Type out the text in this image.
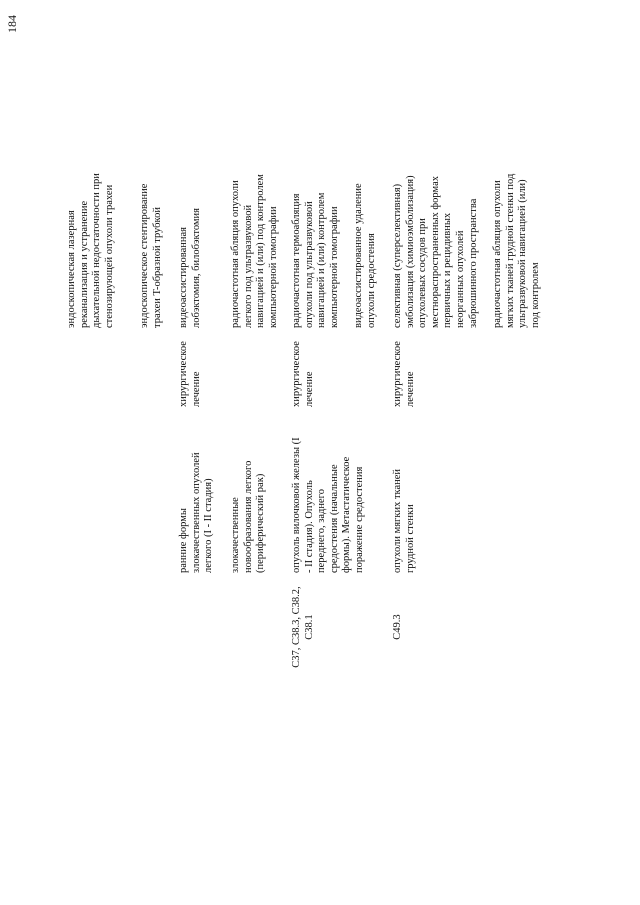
184
эндоскопическая лазерная
реканализация и устранение
дыхательной недостаточности при
стенозирующей опухоли трахеи
эндоскопическое стентирование
трахеи T-образной трубкой
ранние формы
злокачественных опухолей
легкого (I - II стадия)
хирургическое
лечение
видеоассистированная
лобэктомия, билобэктомия
злокачественные
новообразования легкого
(периферический рак)
радиочастотная абляция опухоли
легкого под ультразвуковой
навигацией и (или) под контролем
компьютерной томографии
C37, C38.3, C38.2,
C38.1
опухоль вилочковой железы (I
- II стадия). Опухоль
переднего, заднего
средостения (начальные
формы). Метастатическое
поражение средостения
хирургическое
лечение
радиочастотная термоабляция
опухоли под ультразвуковой
навигацией и (или) контролем
компьютерной томографии видеоассистированное удаление
опухоли средостения
C49.3
опухоли мягких тканей
грудной стенки
хирургическое
лечение
селективная (суперселективная)
эмболизация (химиоэмболизация)
опухолевых сосудов при
местнораспространенных формах
первичных и рецидивных
неорганных опухолей
забрюшинного пространства
радиочастотная абляция опухоли
мягких тканей грудной стенки под
ультразвуковой навигацией (или)
под контролем
